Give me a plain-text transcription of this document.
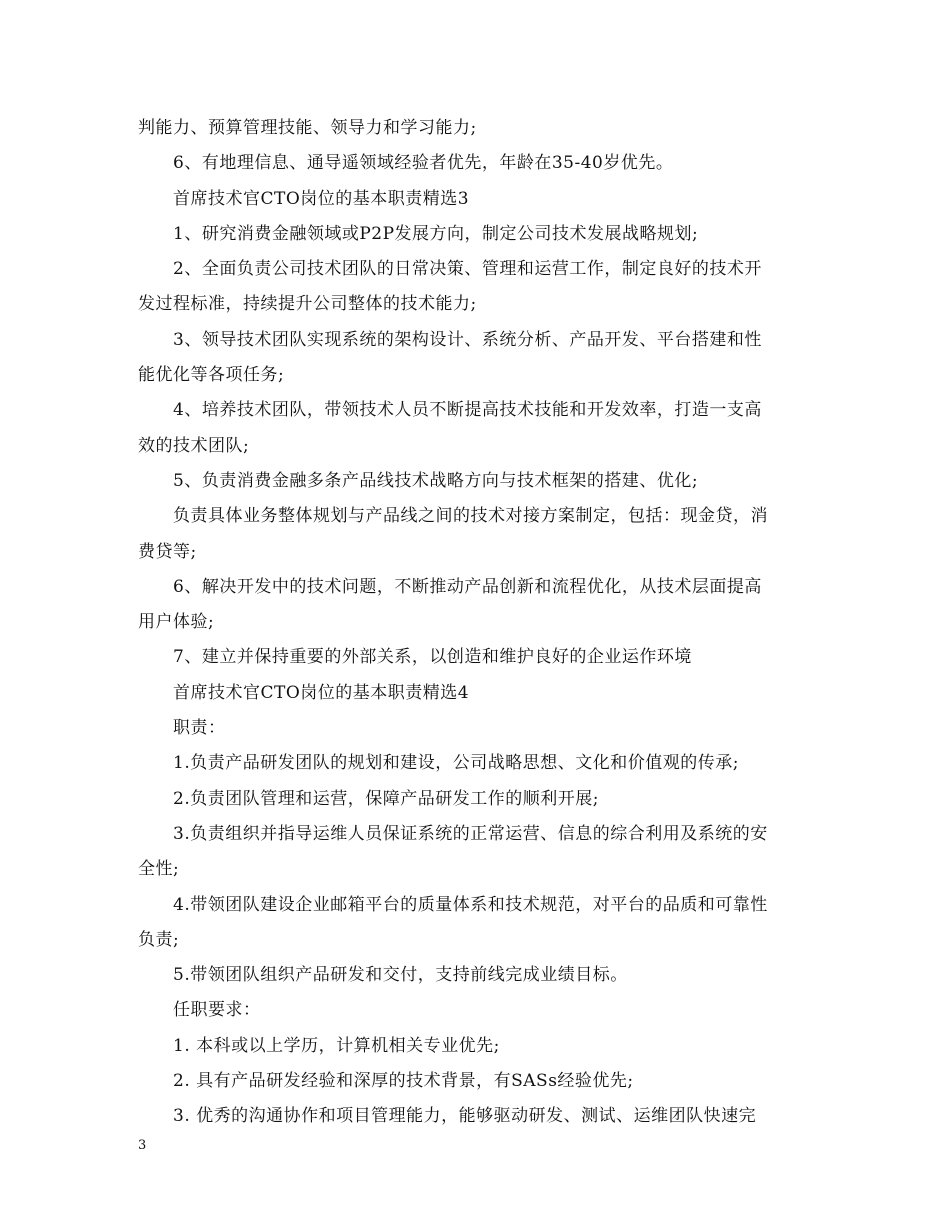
判能力、预算管理技能、领导力和学习能力;
6、有地理信息、通导遥领域经验者优先，年龄在35-40岁优先。
首席技术官CTO岗位的基本职责精选3
1、研究消费金融领域或P2P发展方向，制定公司技术发展战略规划;
2、全面负责公司技术团队的日常决策、管理和运营工作，制定良好的技术开
发过程标准，持续提升公司整体的技术能力;
3、领导技术团队实现系统的架构设计、系统分析、产品开发、平台搭建和性
能优化等各项任务;
4、培养技术团队，带领技术人员不断提高技术技能和开发效率，打造一支高
效的技术团队;
5、负责消费金融多条产品线技术战略方向与技术框架的搭建、优化;
负责具体业务整体规划与产品线之间的技术对接方案制定，包括：现金贷，消
费贷等;
6、解决开发中的技术问题，不断推动产品创新和流程优化，从技术层面提高
用户体验;
7、建立并保持重要的外部关系，以创造和维护良好的企业运作环境
首席技术官CTO岗位的基本职责精选4
职责：
1.负责产品研发团队的规划和建设，公司战略思想、文化和价值观的传承;
2.负责团队管理和运营，保障产品研发工作的顺利开展;
3.负责组织并指导运维人员保证系统的正常运营、信息的综合利用及系统的安
全性;
4.带领团队建设企业邮箱平台的质量体系和技术规范，对平台的品质和可靠性
负责;
5.带领团队组织产品研发和交付，支持前线完成业绩目标。
任职要求：
1. 本科或以上学历，计算机相关专业优先;
2. 具有产品研发经验和深厚的技术背景，有SASs经验优先;
3. 优秀的沟通协作和项目管理能力，能够驱动研发、测试、运维团队快速完
3
